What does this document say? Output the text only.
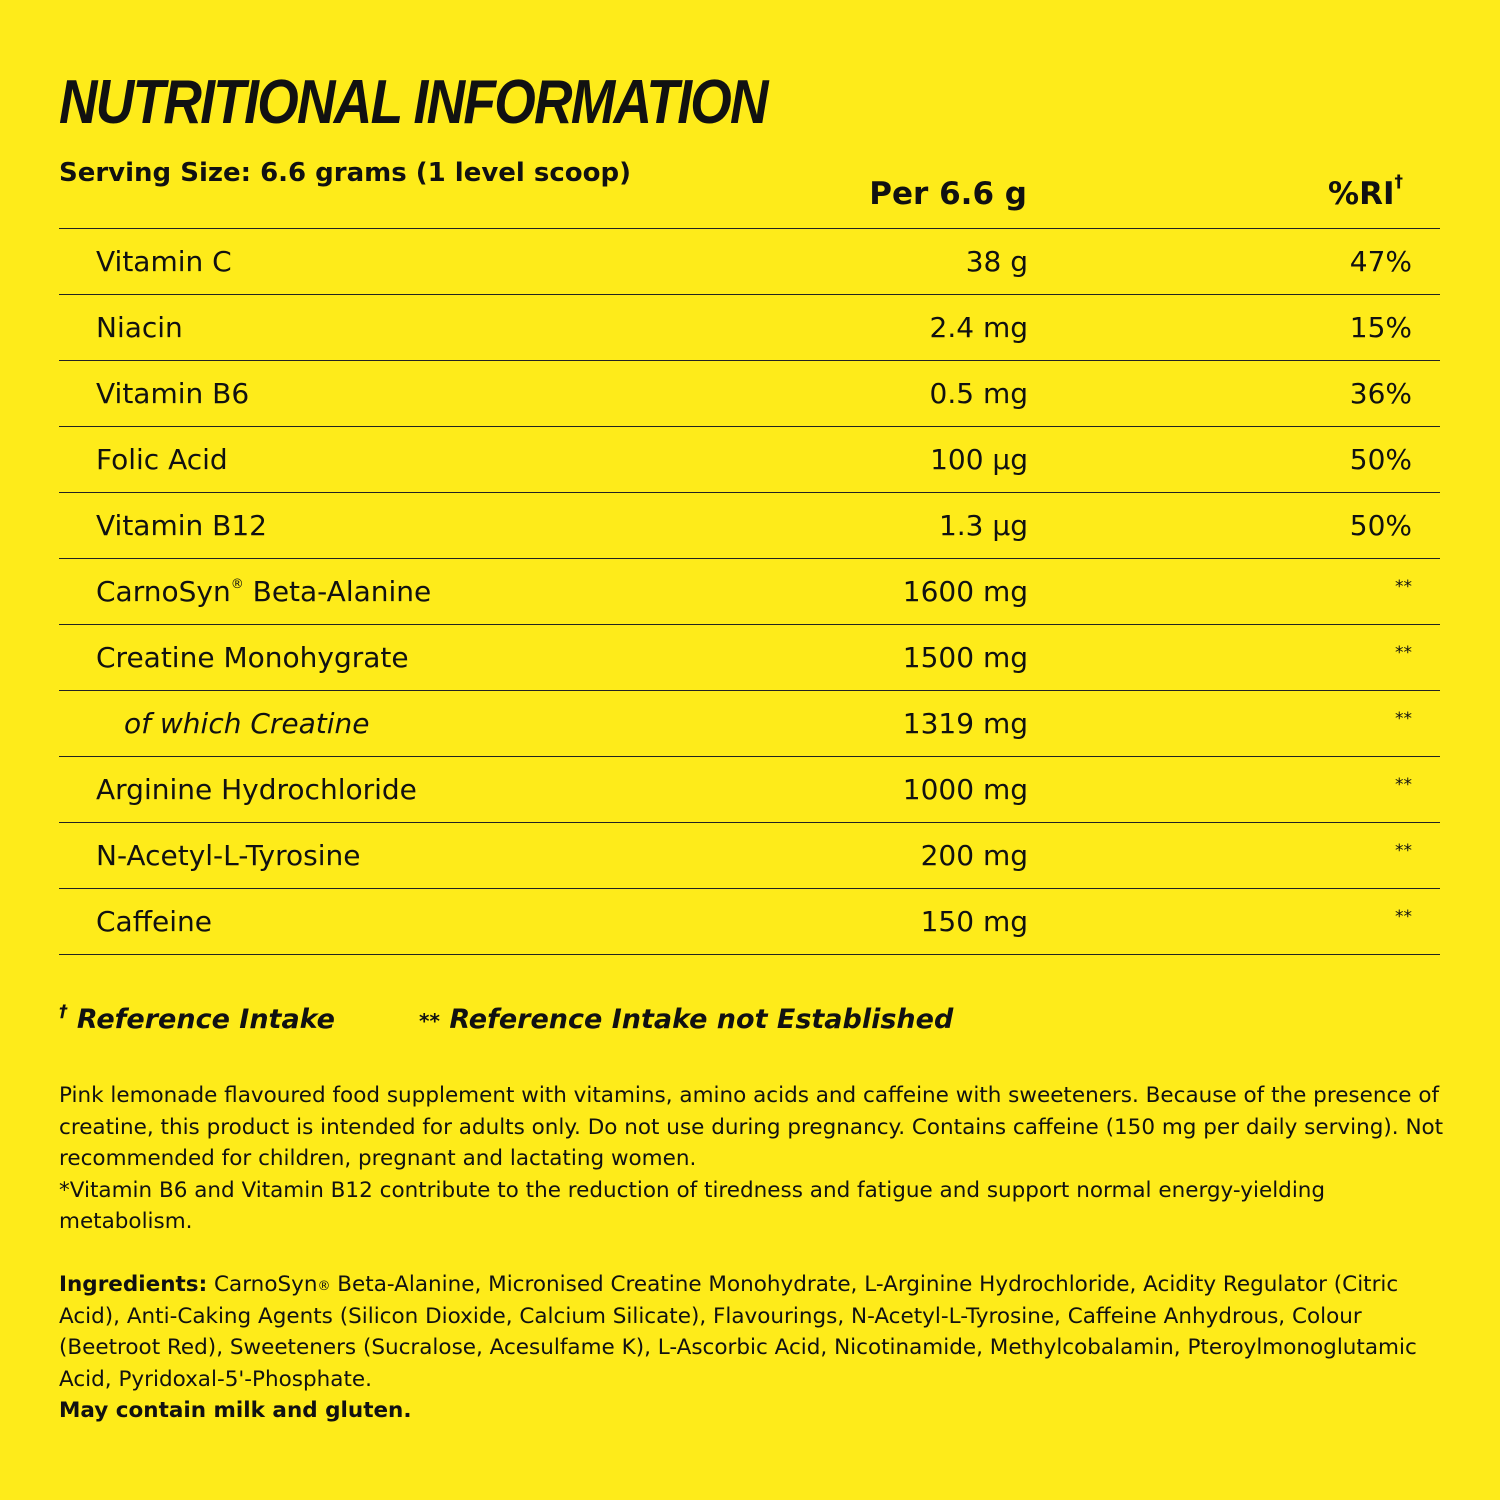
NUTRITIONAL INFORMATION
Serving Size: 6.6 grams (1 level scoop)
Per 6.6 g	%RI†
Vitamin C	38 g	47%
Niacin	2.4 mg	15%
Vitamin B6	0.5 mg	36%
Folic Acid	100 µg	50%
Vitamin B12	1.3 µg	50%
CarnoSyn® Beta-Alanine	1600 mg	**
Creatine Monohygrate	1500 mg	**
of which Creatine	1319 mg	**
Arginine Hydrochloride	1000 mg	**
N-Acetyl-L-Tyrosine	200 mg	**
Caffeine	150 mg	**
† Reference Intake	** Reference Intake not Established
Pink lemonade flavoured food supplement with vitamins, amino acids and caffeine with sweeteners. Because of the presence of creatine, this product is intended for adults only. Do not use during pregnancy. Contains caffeine (150 mg per daily serving). Not recommended for children, pregnant and lactating women.
*Vitamin B6 and Vitamin B12 contribute to the reduction of tiredness and fatigue and support normal energy-yielding metabolism.
Ingredients: CarnoSyn® Beta-Alanine, Micronised Creatine Monohydrate, L-Arginine Hydrochloride, Acidity Regulator (Citric Acid), Anti-Caking Agents (Silicon Dioxide, Calcium Silicate), Flavourings, N-Acetyl-L-Tyrosine, Caffeine Anhydrous, Colour (Beetroot Red), Sweeteners (Sucralose, Acesulfame K), L-Ascorbic Acid, Nicotinamide, Methylcobalamin, Pteroylmonoglutamic Acid, Pyridoxal-5'-Phosphate.
May contain milk and gluten.
